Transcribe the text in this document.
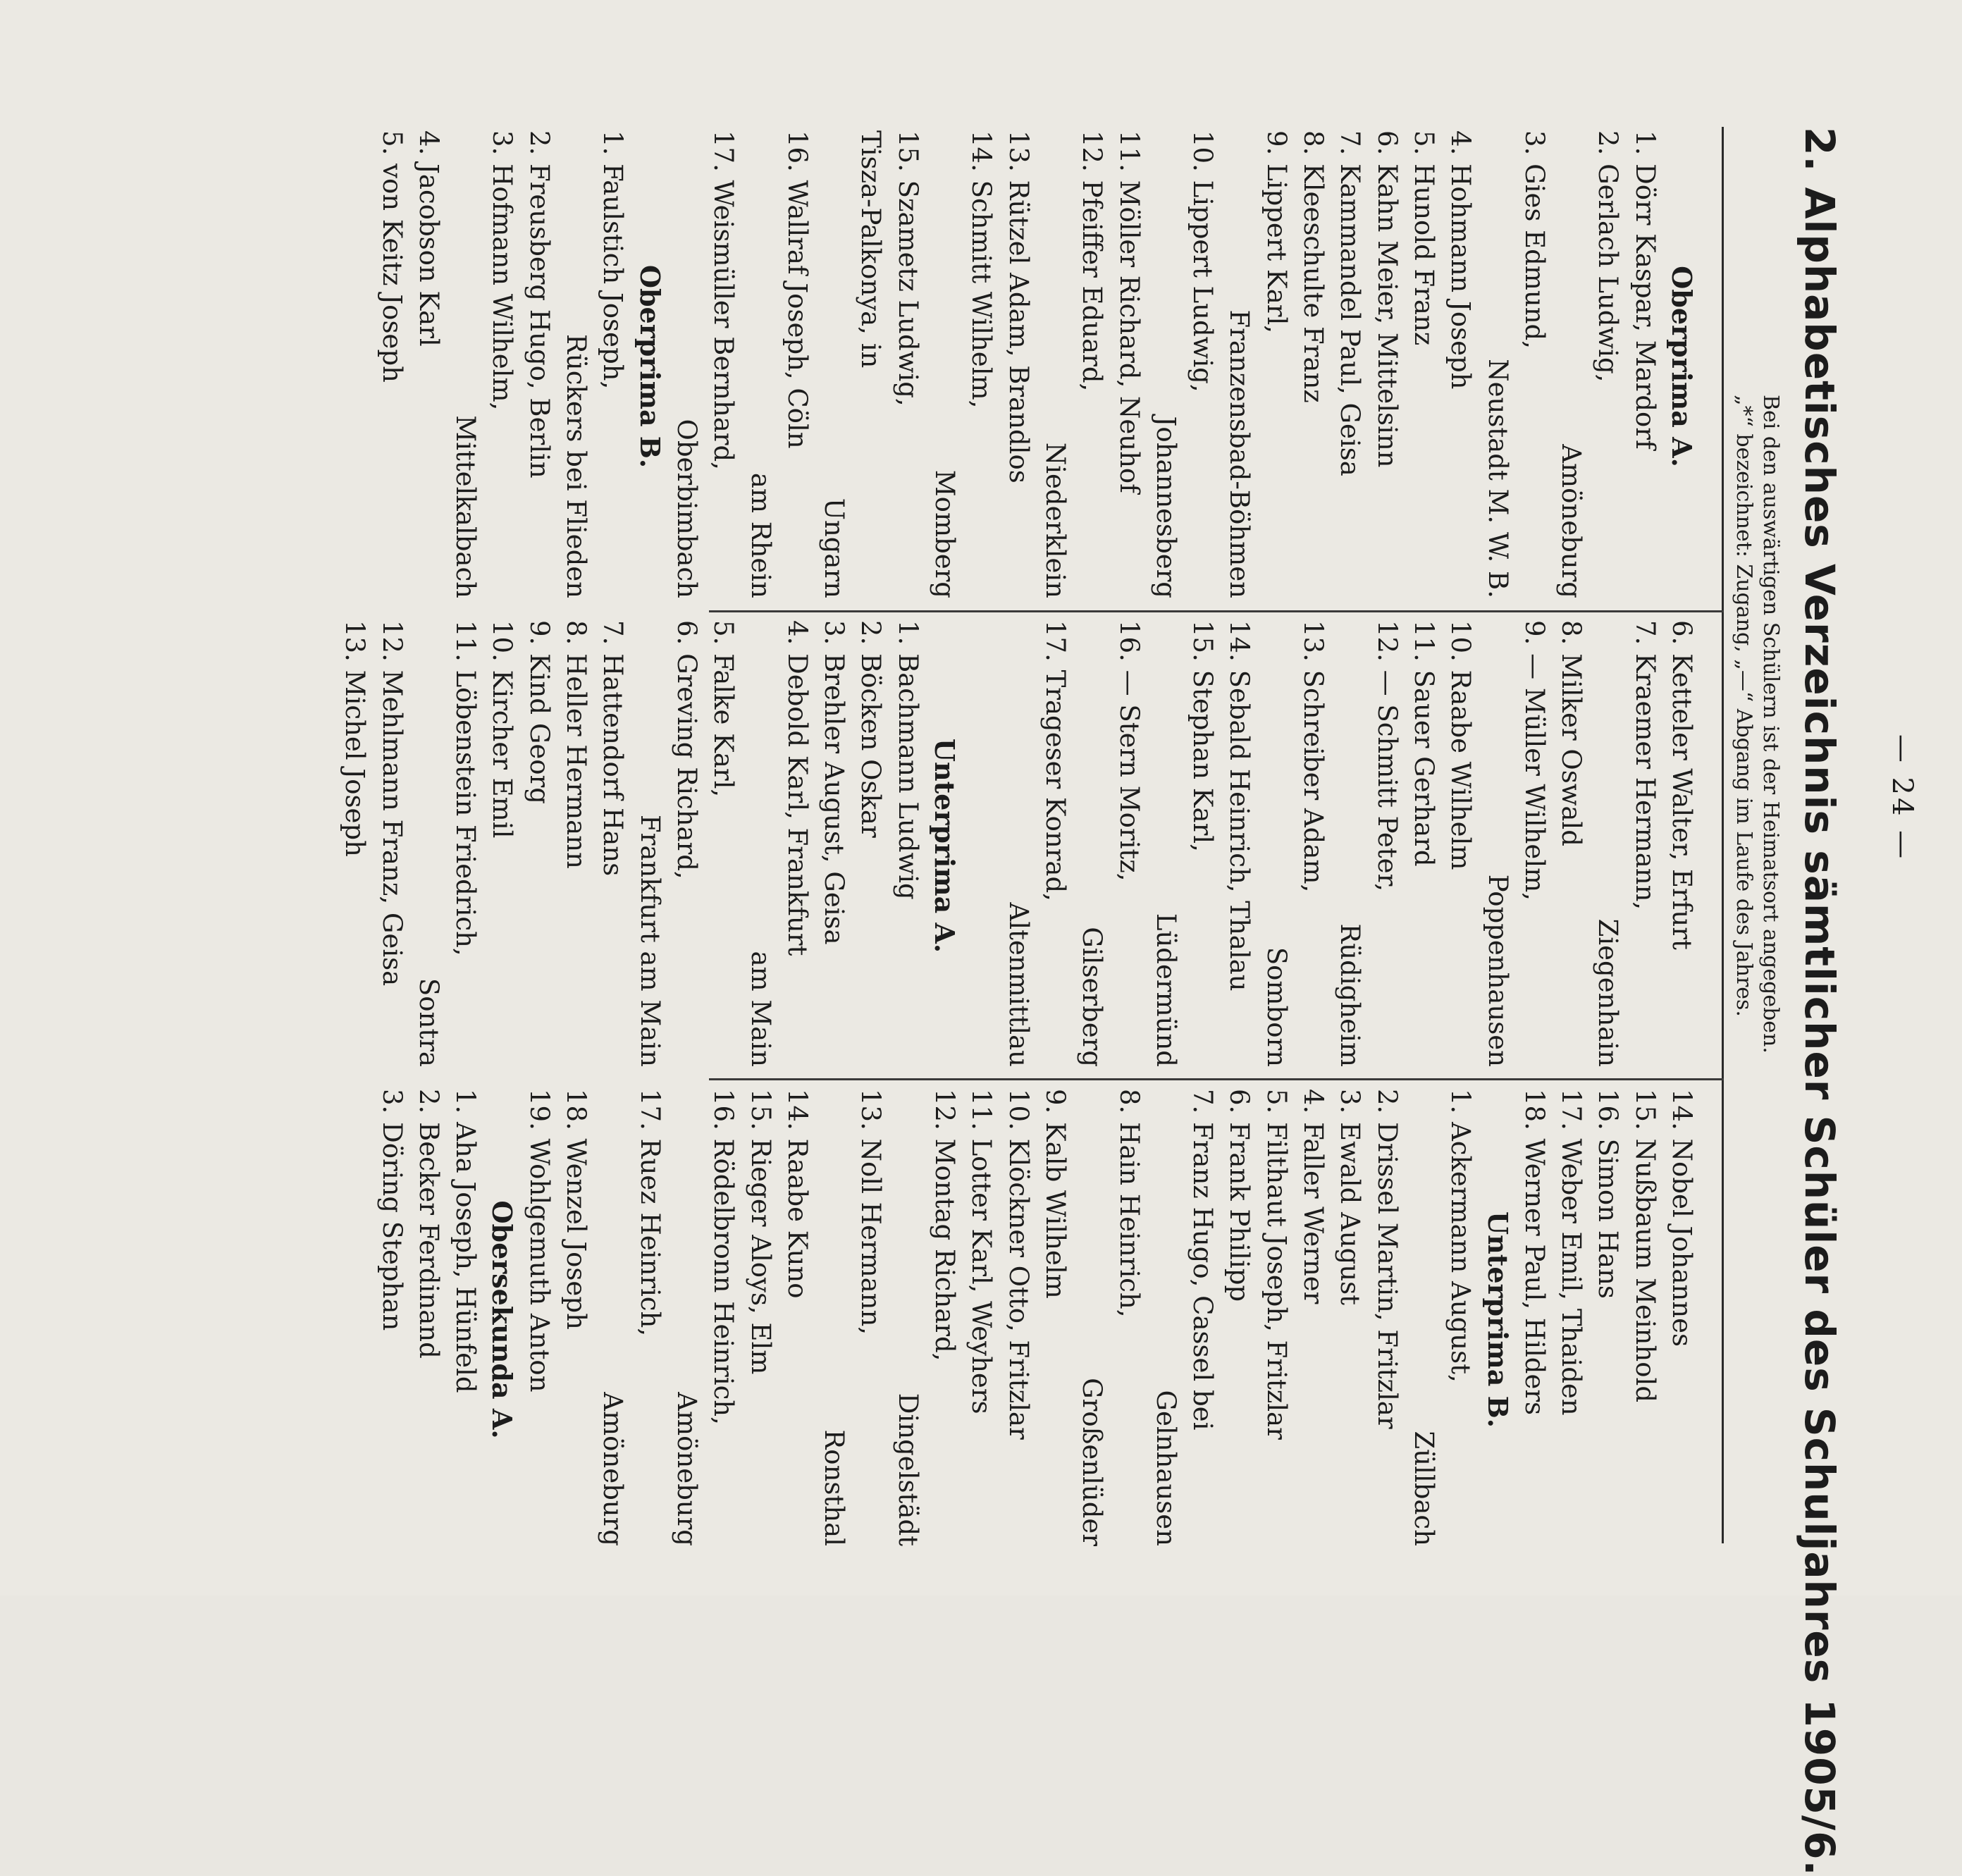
— 24 —
2. Alphabetisches Verzeichnis sämtlicher Schüler des Schuljahres 1905/6.
Bei den auswärtigen Schülern ist der Heimatsort angegeben.
„*“ bezeichnet: Zugang, „—“ Abgang im Laufe des Jahres.
Oberprima A.
1. Dörr Kaspar, Mardorf
2. Gerlach Ludwig,
Amöneburg
3. Gies Edmund,
Neustadt M. W. B.
4. Hohmann Joseph
5. Hunold Franz
6. Kahn Meier, Mittelsinn
7. Kammandel Paul, Geisa
8. Kleeschulte Franz
9. Lippert Karl,
Franzensbad-Böhmen
10. Lippert Ludwig,
Johannesberg
11. Möller Richard, Neuhof
12. Pfeiffer Eduard,
Niederklein
13. Rützel Adam, Brandlos
14. Schmitt Wilhelm,
Momberg
15. Szametz Ludwig,
Tisza-Palkonya, in
Ungarn
16. Wallraf Joseph, Cöln
am Rhein
17. Weismüller Bernhard,
Oberbimbach
Oberprima B.
1. Faulstich Joseph,
Rückers bei Flieden
2. Freusberg Hugo, Berlin
3. Hofmann Wilhelm,
Mittelkalbach
4. Jacobson Karl
5. von Keitz Joseph
6. Ketteler Walter, Erfurt
7. Kraemer Hermann,
Ziegenhain
8. Milker Oswald
9. — Müller Wilhelm,
Poppenhausen
10. Raabe Wilhelm
11. Sauer Gerhard
12. — Schmitt Peter,
Rüdigheim
13. Schreiber Adam,
Somborn
14. Sebald Heinrich, Thalau
15. Stephan Karl,
Lüdermünd
16. — Stern Moritz,
Gilserberg
17. Trageser Konrad,
Altenmittlau
Unterprima A.
1. Bachmann Ludwig
2. Böcken Oskar
3. Brehler August, Geisa
4. Debold Karl, Frankfurt
am Main
5. Falke Karl,
6. Greving Richard,
Frankfurt am Main
7. Hattendorf Hans
8. Heller Hermann
9. Kind Georg
10. Kircher Emil
11. Löbenstein Friedrich,
Sontra
12. Mehlmann Franz, Geisa
13. Michel Joseph
14. Nobel Johannes
15. Nußbaum Meinhold
16. Simon Hans
17. Weber Emil, Thaiden
18. Werner Paul, Hilders
Unterprima B.
1. Ackermann August,
Züllbach
2. Drissel Martin, Fritzlar
3. Ewald August
4. Faller Werner
5. Filthaut Joseph, Fritzlar
6. Frank Philipp
7. Franz Hugo, Cassel bei
Gelnhausen
8. Hain Heinrich,
Großenlüder
9. Kalb Wilhelm
10. Klöckner Otto, Fritzlar
11. Lotter Karl, Weyhers
12. Montag Richard,
Dingelstädt
13. Noll Hermann,
Ronsthal
14. Raabe Kuno
15. Rieger Aloys, Elm
16. Rödelbronn Heinrich,
Amöneburg
17. Ruez Heinrich,
Amöneburg
18. Wenzel Joseph
19. Wohlgemuth Anton
Obersekunda A.
1. Aha Joseph, Hünfeld
2. Becker Ferdinand
3. Döring Stephan
